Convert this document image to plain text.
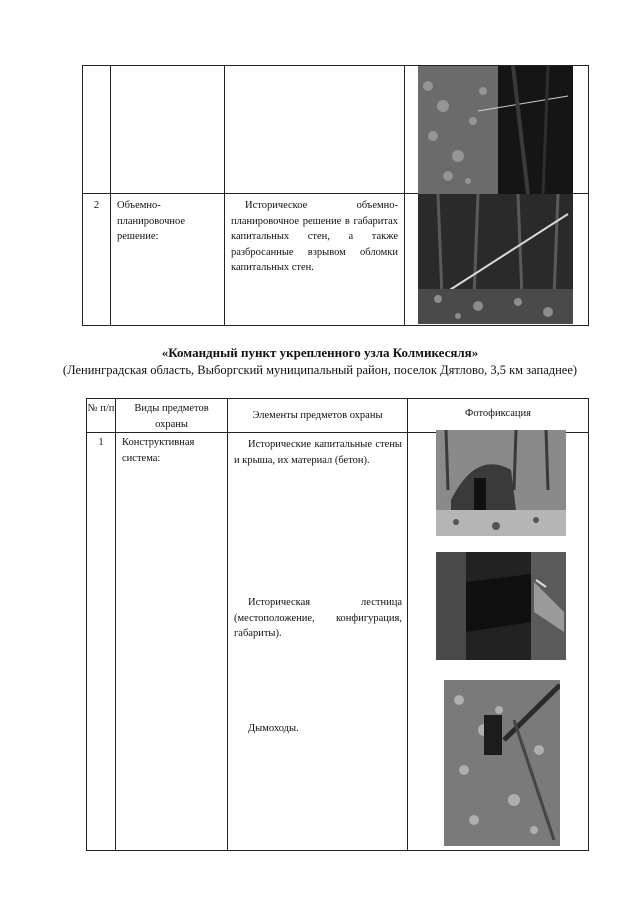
2	Объемно-планировочное решение:	Историческое объемно-планировочное решение в габаритах капитальных стен, а также разбросанные взрывом обломки капитальных стен.	
«Командный пункт укрепленного узла Колмикесяля»
(Ленинградская область, Выборгский муниципальный район, поселок Дятлово, 3,5 км западнее)
№ п/п	Виды предметов охраны	Элементы предметов охраны	Фотофиксация
1	Конструктивная система:	Исторические капитальные стены и крыша, их материал (бетон).
Историческая лестница (местоположение, конфигурация, габариты).
Дымоходы.	
